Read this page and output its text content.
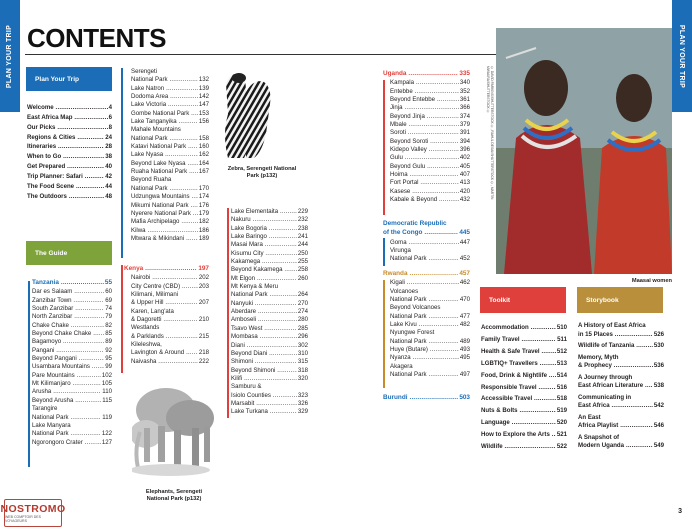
PLAN YOUR TRIP	PLAN YOUR TRIP
CONTENTS
Plan Your Trip
Welcome .....	4
East Africa Map .....	6
Our Picks .....	8
Regions & Cities .....	24
Itineraries .....	28
When to Go .....	38
Get Prepared .....	40
Trip Planner: Safari .....	42
The Food Scene .....	44
The Outdoors .....	48
The Guide
Tanzania .....	55
Dar es Salaam .....	60
Zanzibar Town .....	69
South Zanzibar .....	74
North Zanzibar .....	79
Chake Chake .....	82
Beyond Chake Chake .....	85
Bagamoyo .....	89
Pangani .....	92
Beyond Pangani .....	95
Usambara Mountains .....	99
Pare Mountains .....	102
Mt Kilimanjaro .....	105
Arusha .....	110
Beyond Arusha .....	115
Tarangire
National Park .....	119
Lake Manyara
National Park .....	122
Ngorongoro Crater .....	127
Serengeti
National Park .....	132
Lake Natron .....	139
Dodoma Area .....	142
Lake Victoria .....	147
Gombe National Park .....	153
Lake Tanganyika .....	156
Mahale Mountains
National Park .....	158
Katavi National Park .....	160
Lake Nyasa .....	162
Beyond Lake Nyasa .....	164
Ruaha National Park .....	167
Beyond Ruaha
National Park .....	170
Udzungwa Mountains .....	174
Mikumi National Park .....	176
Nyerere National Park .....	179
Mafia Archipelago .....	182
Kilwa .....	186
Mtwara & Mikindani .....	189
Kenya .....	197
Nairobi .....	202
City Centre (CBD) .....	203
Kilimani, Milimani
& Upper Hill .....	207
Karen, Lang'ata
& Dagoretti .....	210
Westlands
& Parklands .....	215
Kileleshwa,
Lavington & Around .....	218
Naivasha .....	222
Zebra, Serengeti National Park (p132)
Elephants, Serengeti National Park (p132)
Lake Elementaita .....	229
Nakuru .....	232
Lake Bogoria .....	238
Lake Baringo .....	241
Masai Mara .....	244
Kisumu City .....	250
Kakamega .....	255
Beyond Kakamega .....	258
Mt Elgon .....	260
Mt Kenya & Meru
National Park .....	264
Nanyuki .....	270
Aberdare .....	274
Amboseli .....	280
Tsavo West .....	285
Mombasa .....	296
Diani .....	302
Beyond Diani .....	310
Shimoni .....	315
Beyond Shimoni .....	318
Kilifi .....	320
Samburu &
Isiolo Counties .....	323
Marsabit .....	326
Lake Turkana .....	329
© DAVID PARKINS/SHUTTERSTOCK ©, RAHUL DESAI/SHUTTERSTOCK ©, MARTIN MWAURA/SHUTTERSTOCK ©
Uganda .....	335
Kampala .....	340
Entebbe .....	352
Beyond Entebbe .....	361
Jinja .....	366
Beyond Jinja .....	374
Mbale .....	379
Soroti .....	391
Beyond Soroti .....	394
Kidepo Valley .....	396
Gulu .....	402
Beyond Gulu .....	405
Hoima .....	407
Fort Portal .....	413
Kasese .....	420
Kabale & Beyond .....	432
Democratic Republic
of the Congo .....	445
Goma .....	447
Virunga
National Park .....	452
Rwanda .....	457
Kigali .....	462
Volcanoes
National Park .....	470
Beyond Volcanoes
National Park .....	477
Lake Kivu .....	482
Nyungwe Forest
National Park .....	489
Huye (Butare) .....	493
Nyanza .....	495
Akagera
National Park .....	497
Burundi .....	503
Maasai women
Toolkit
Accommodation .....	510
Family Travel .....	511
Health & Safe Travel .....	512
LGBTIQ+ Travellers .....	513
Food, Drink & Nightlife .....	514
Responsible Travel .....	516
Accessible Travel .....	518
Nuts & Bolts .....	519
Language .....	520
How to Explore the Arts .....	521
Wildlife .....	522
Storybook
A History of East Africa
in 15 Places .....	526
Wildlife of Tanzania .....	530
Memory, Myth
& Prophecy .....	536
A Journey through
East African Literature .....	538
Communicating in
East Africa .....	542
An East
Africa Playlist .....	546
A Snapshot of
Modern Uganda .....	549
3
NOSTROMO
WEB COMPTOIR DES VOYAGEURS
